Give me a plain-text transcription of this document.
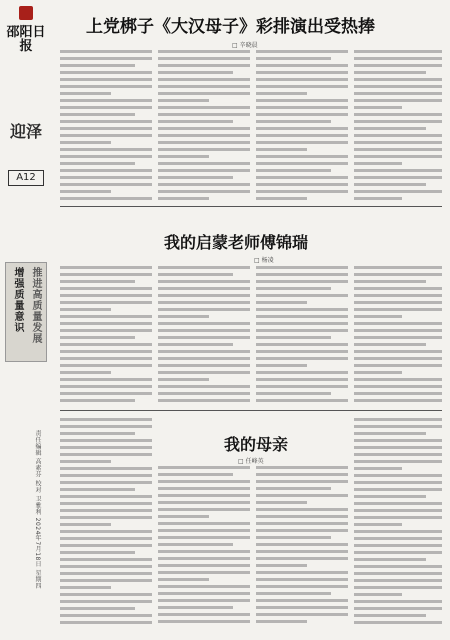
邵阳日报
迎泽
A12
增强质量意识 推进高质量发展
责任编辑 高素芬 校对 卫雅利 2024年7月18日 星期四
上党梆子《大汉母子》彩排演出受热捧
□ 辛晓晨
我的启蒙老师傅锦瑞
□ 杨凌
我的母亲
□ 任峰英
